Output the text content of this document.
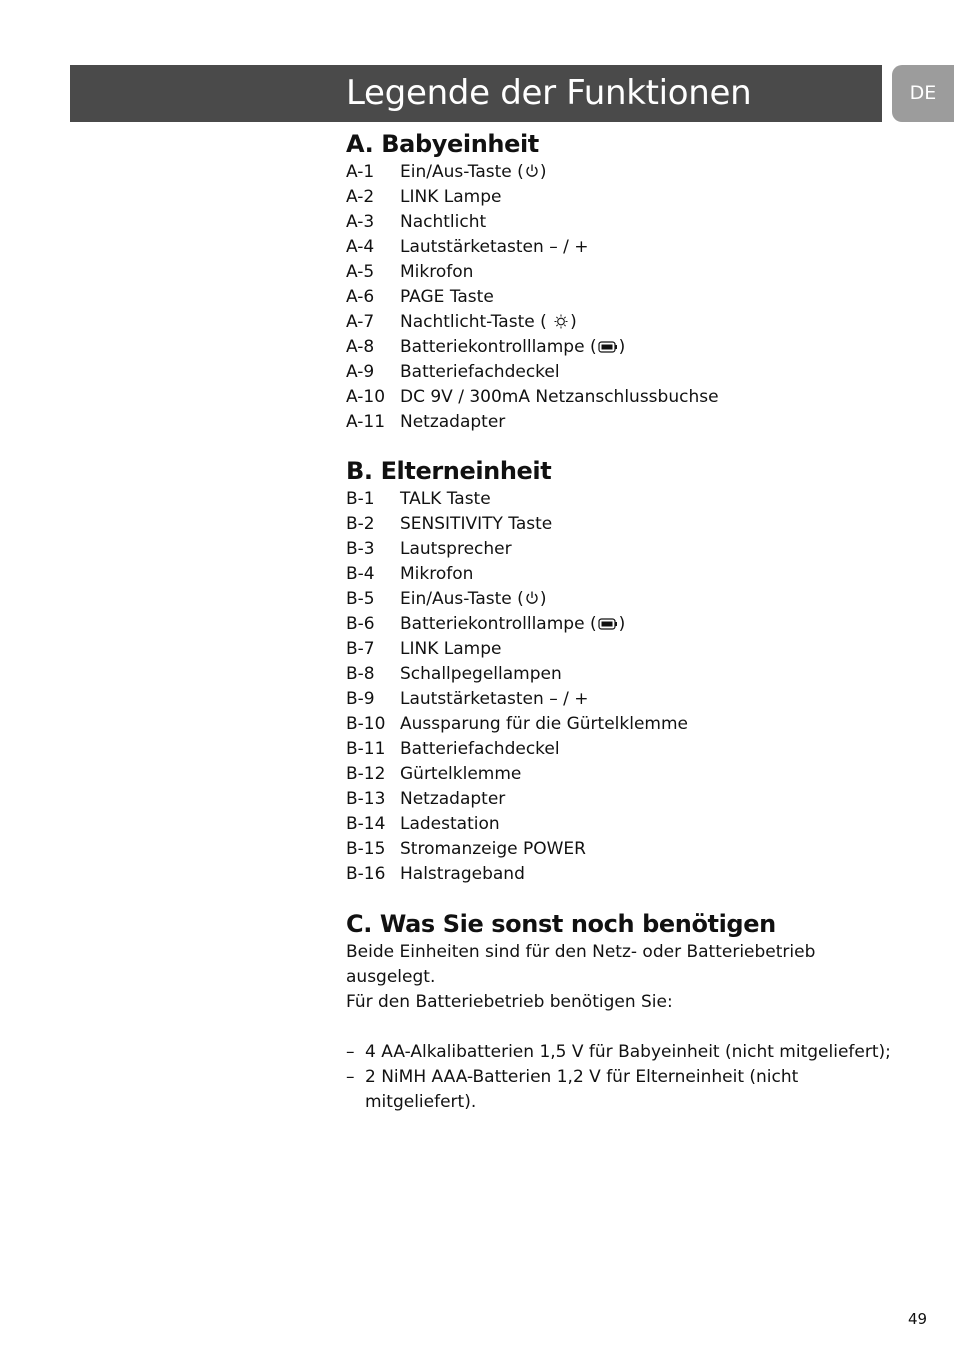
Legende der Funktionen	DE
A. Babyeinheit
A-1	Ein/Aus-Taste ( )
A-2	LINK Lampe
A-3	Nachtlicht
A-4	Lautstärketasten – / +
A-5	Mikrofon
A-6	PAGE Taste
A-7	Nachtlicht-Taste ( )
A-8	Batteriekontrolllampe ( )
A-9	Batteriefachdeckel
A-10 DC 9V / 300mA Netzanschlussbuchse
A-11 Netzadapter
B. Elterneinheit
B-1	TALK Taste
B-2	SENSITIVITY Taste
B-3	Lautsprecher
B-4	Mikrofon
B-5	Ein/Aus-Taste ( )
B-6	Batteriekontrolllampe ( )
B-7	LINK Lampe
B-8	Schallpegellampen
B-9	Lautstärketasten – / +
B-10 Aussparung für die Gürtelklemme
B-11 Batteriefachdeckel
B-12 Gürtelklemme
B-13 Netzadapter
B-14 Ladestation
B-15 Stromanzeige POWER
B-16 Halstrageband
C. Was Sie sonst noch benötigen

Beide Einheiten sind für den Netz- oder Batteriebetrieb
ausgelegt.
Für den Batteriebetrieb benötigen Sie:

– 4 AA-Alkalibatterien 1,5 V für Babyeinheit (nicht mitgeliefert);
– 2 NiMH AAA-Batterien 1,2 V für Elterneinheit (nicht
mitgeliefert).
49
